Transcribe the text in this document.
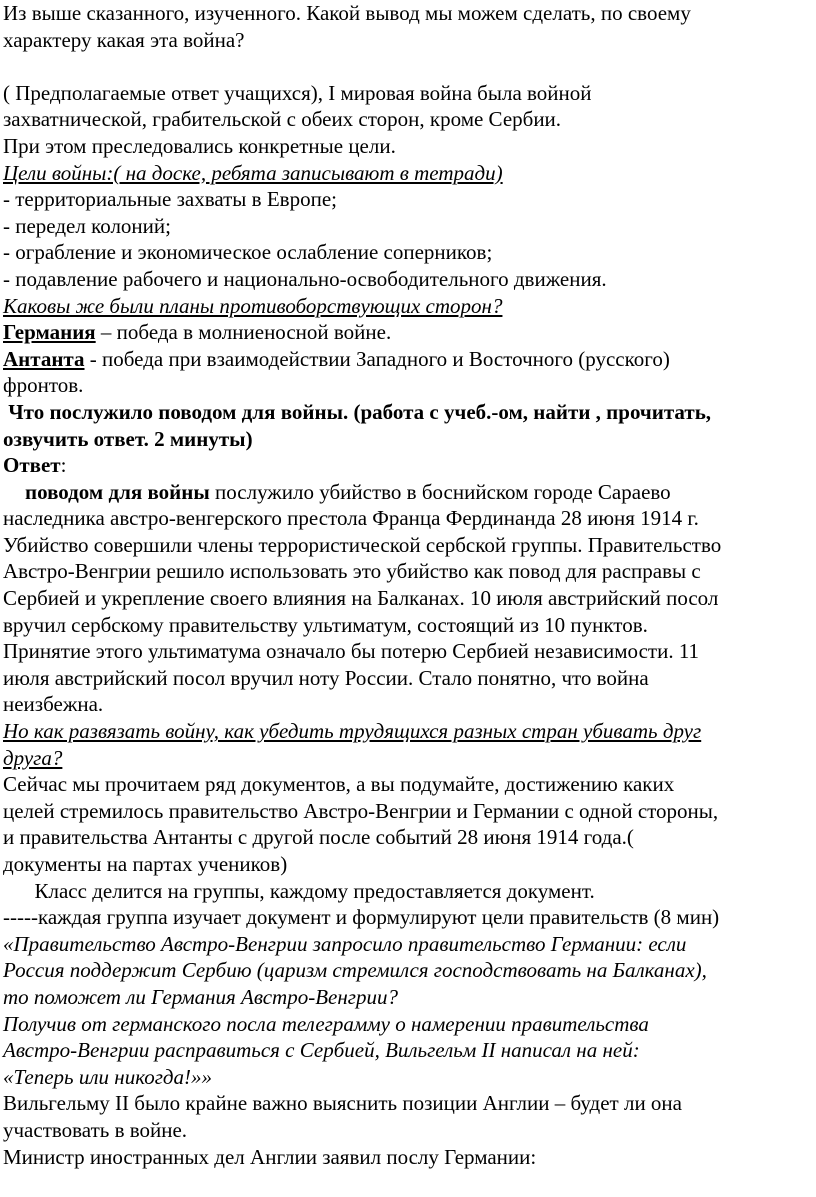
Из выше сказанного, изученного. Какой вывод мы можем сделать, по своему
характеру какая эта война?
( Предполагаемые ответ учащихся), I мировая война была войной
захватнической, грабительской с обеих сторон, кроме Сербии.
При этом преследовались конкретные цели.
Цели войны:( на доске, ребята записывают в тетради)
- территориальные захваты в Европе;
- передел колоний;
- ограбление и экономическое ослабление соперников;
- подавление рабочего и национально-освободительного движения.
Каковы же были планы противоборствующих сторон?
Германия – победа в молниеносной войне.
Антанта - победа при взаимодействии Западного и Восточного (русского)
фронтов.
Что послужило поводом для войны. (работа с учеб.-ом, найти , прочитать,
озвучить ответ. 2 минуты)
Ответ:
поводом для войны послужило убийство в боснийском городе Сараево
наследника австро-венгерского престола Франца Фердинанда 28 июня 1914 г.
Убийство совершили члены террористической сербской группы. Правительство
Австро-Венгрии решило использовать это убийство как повод для расправы с
Сербией и укрепление своего влияния на Балканах. 10 июля австрийский посол
вручил сербскому правительству ультиматум, состоящий из 10 пунктов.
Принятие этого ультиматума означало бы потерю Сербией независимости. 11
июля австрийский посол вручил ноту России. Стало понятно, что война
неизбежна.
Но как развязать войну, как убедить трудящихся разных стран убивать друг
друга?
Сейчас мы прочитаем ряд документов, а вы подумайте, достижению каких
целей стремилось правительство Австро-Венгрии и Германии с одной стороны,
и правительства Антанты с другой после событий 28 июня 1914 года.(
документы на партах учеников)
Класс делится на группы, каждому предоставляется документ.
-----каждая группа изучает документ и формулируют цели правительств (8 мин)
«Правительство Австро-Венгрии запросило правительство Германии: если
Россия поддержит Сербию (царизм стремился господствовать на Балканах),
то поможет ли Германия Австро-Венгрии?
Получив от германского посла телеграмму о намерении правительства
Австро-Венгрии расправиться с Сербией, Вильгельм II написал на ней:
«Теперь или никогда!»»
Вильгельму II было крайне важно выяснить позиции Англии – будет ли она
участвовать в войне.
Министр иностранных дел Англии заявил послу Германии:
